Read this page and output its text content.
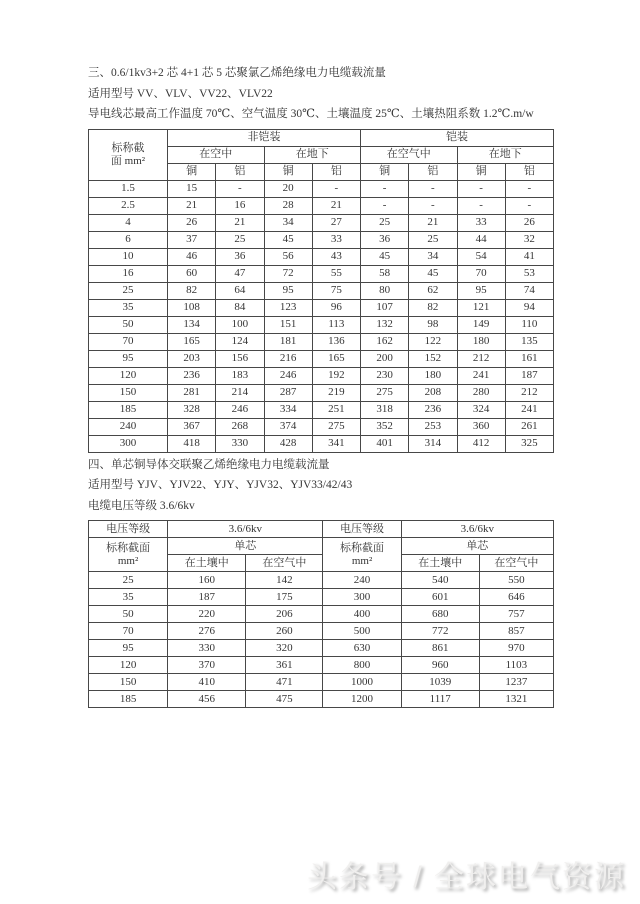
三、0.6/1kv3+2 芯 4+1 芯 5 芯聚氯乙烯绝缘电力电缆载流量

适用型号 VV、VLV、VV22、VLV22

导电线芯最高工作温度 70℃、空气温度 30℃、土壤温度 25℃、土壤热阻系数 1.2℃.m/w

标称截面 mm²	非铠装				铠装			
	在空中		在地下		在空气中		在地下	
	铜	铝	铜	铝	铜	铝	铜	铝
1.5	15	-	20	-	-	-	-	-
2.5	21	16	28	21	-	-	-	-
4	26	21	34	27	25	21	33	26
6	37	25	45	33	36	25	44	32
10	46	36	56	43	45	34	54	41
16	60	47	72	55	58	45	70	53
25	82	64	95	75	80	62	95	74
35	108	84	123	96	107	82	121	94
50	134	100	151	113	132	98	149	110
70	165	124	181	136	162	122	180	135
95	203	156	216	165	200	152	212	161
120	236	183	246	192	230	180	241	187
150	281	214	287	219	275	208	280	212
185	328	246	334	251	318	236	324	241
240	367	268	374	275	352	253	360	261
300	418	330	428	341	401	314	412	325

四、单芯铜导体交联聚乙烯绝缘电力电缆载流量

适用型号 YJV、YJV22、YJY、YJV32、YJV33/42/43

电缆电压等级 3.6/6kv

电压等级	3.6/6kv		电压等级	3.6/6kv	

标称截面 mm²	单芯		标称截面 mm²	单芯	
	在土壤中	在空气中		在土壤中	在空气中
25	160	142	240	540	550
35	187	175	300	601	646
50	220	206	400	680	757
70	276	260	500	772	857
95	330	320	630	861	970
120	370	361	800	960	1103
150	410	471	1000	1039	1237
185	456	475	1200	1117	1321
头条号 / 全球电气资源
